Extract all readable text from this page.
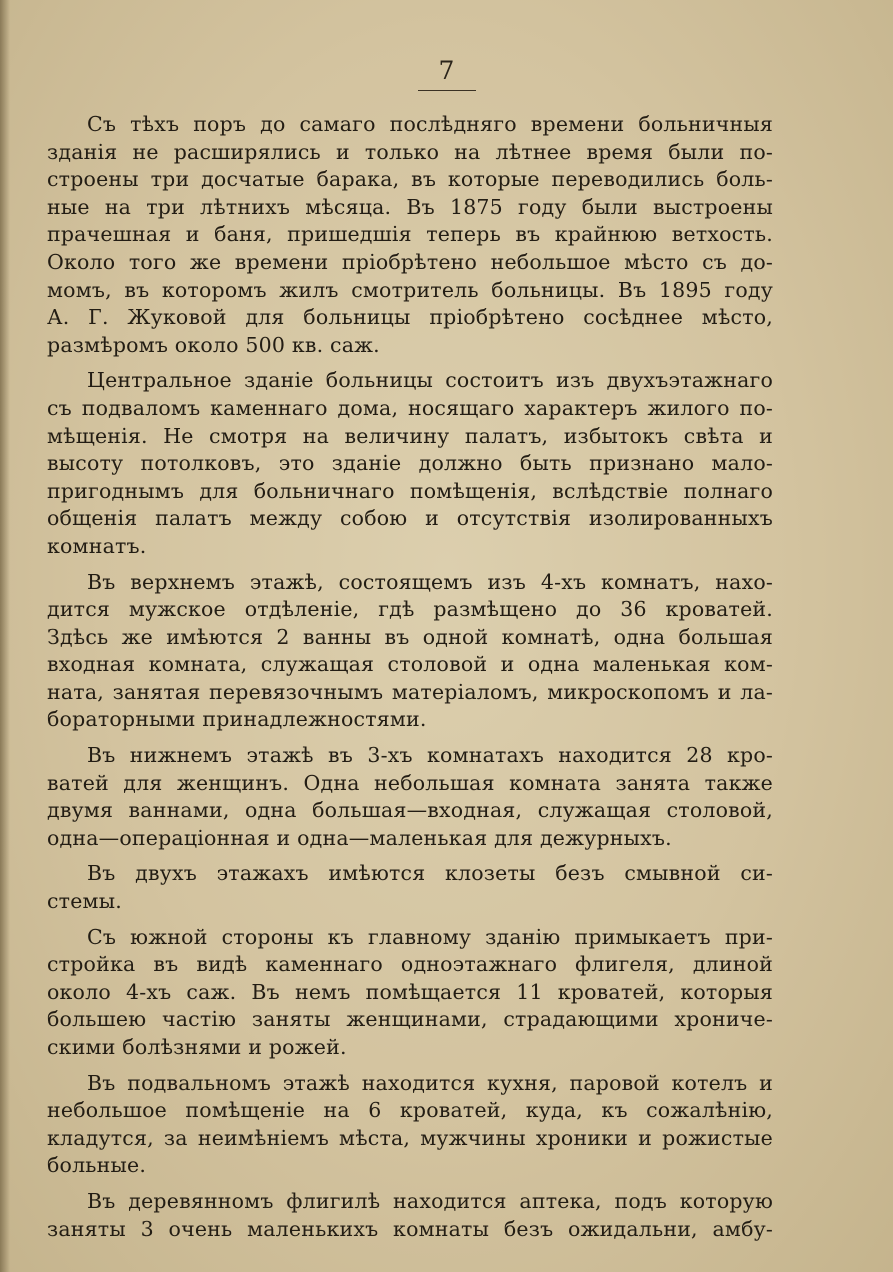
7
Съ тѣхъ поръ до самаго послѣдняго времени больничныя
зданія не расширялись и только на лѣтнее время были по-
строены три досчатые барака, въ которые переводились боль-
ные на три лѣтнихъ мѣсяца. Въ 1875 году были выстроены
прачешная и баня, пришедшія теперь въ крайнюю ветхость.
Около того же времени пріобрѣтено небольшое мѣсто съ до-
момъ, въ которомъ жилъ смотритель больницы. Въ 1895 году
А. Г. Жуковой для больницы пріобрѣтено сосѣднее мѣсто,
размѣромъ около 500 кв. саж.
Центральное зданіе больницы состоитъ изъ двухъэтажнаго
съ подваломъ каменнаго дома, носящаго характеръ жилого по-
мѣщенія. Не смотря на величину палатъ, избытокъ свѣта и
высоту потолковъ, это зданіе должно быть признано мало-
пригоднымъ для больничнаго помѣщенія, вслѣдствіе полнаго
общенія палатъ между собою и отсутствія изолированныхъ
комнатъ.
Въ верхнемъ этажѣ, состоящемъ изъ 4-хъ комнатъ, нахо-
дится мужское отдѣленіе, гдѣ размѣщено до 36 кроватей.
Здѣсь же имѣются 2 ванны въ одной комнатѣ, одна большая
входная комната, служащая столовой и одна маленькая ком-
ната, занятая перевязочнымъ матеріаломъ, микроскопомъ и ла-
бораторными принадлежностями.
Въ нижнемъ этажѣ въ 3-хъ комнатахъ находится 28 кро-
ватей для женщинъ. Одна небольшая комната занята также
двумя ваннами, одна большая—входная, служащая столовой,
одна—операціонная и одна—маленькая для дежурныхъ.
Въ двухъ этажахъ имѣются клозеты безъ смывной си-
стемы.
Съ южной стороны къ главному зданію примыкаетъ при-
стройка въ видѣ каменнаго одноэтажнаго флигеля, длиной
около 4-хъ саж. Въ немъ помѣщается 11 кроватей, которыя
большею частію заняты женщинами, страдающими хрониче-
скими болѣзнями и рожей.
Въ подвальномъ этажѣ находится кухня, паровой котелъ и
небольшое помѣщеніе на 6 кроватей, куда, къ сожалѣнію,
кладутся, за неимѣніемъ мѣста, мужчины хроники и рожистые
больные.
Въ деревянномъ флигилѣ находится аптека, подъ которую
заняты 3 очень маленькихъ комнаты безъ ожидальни, амбу-
